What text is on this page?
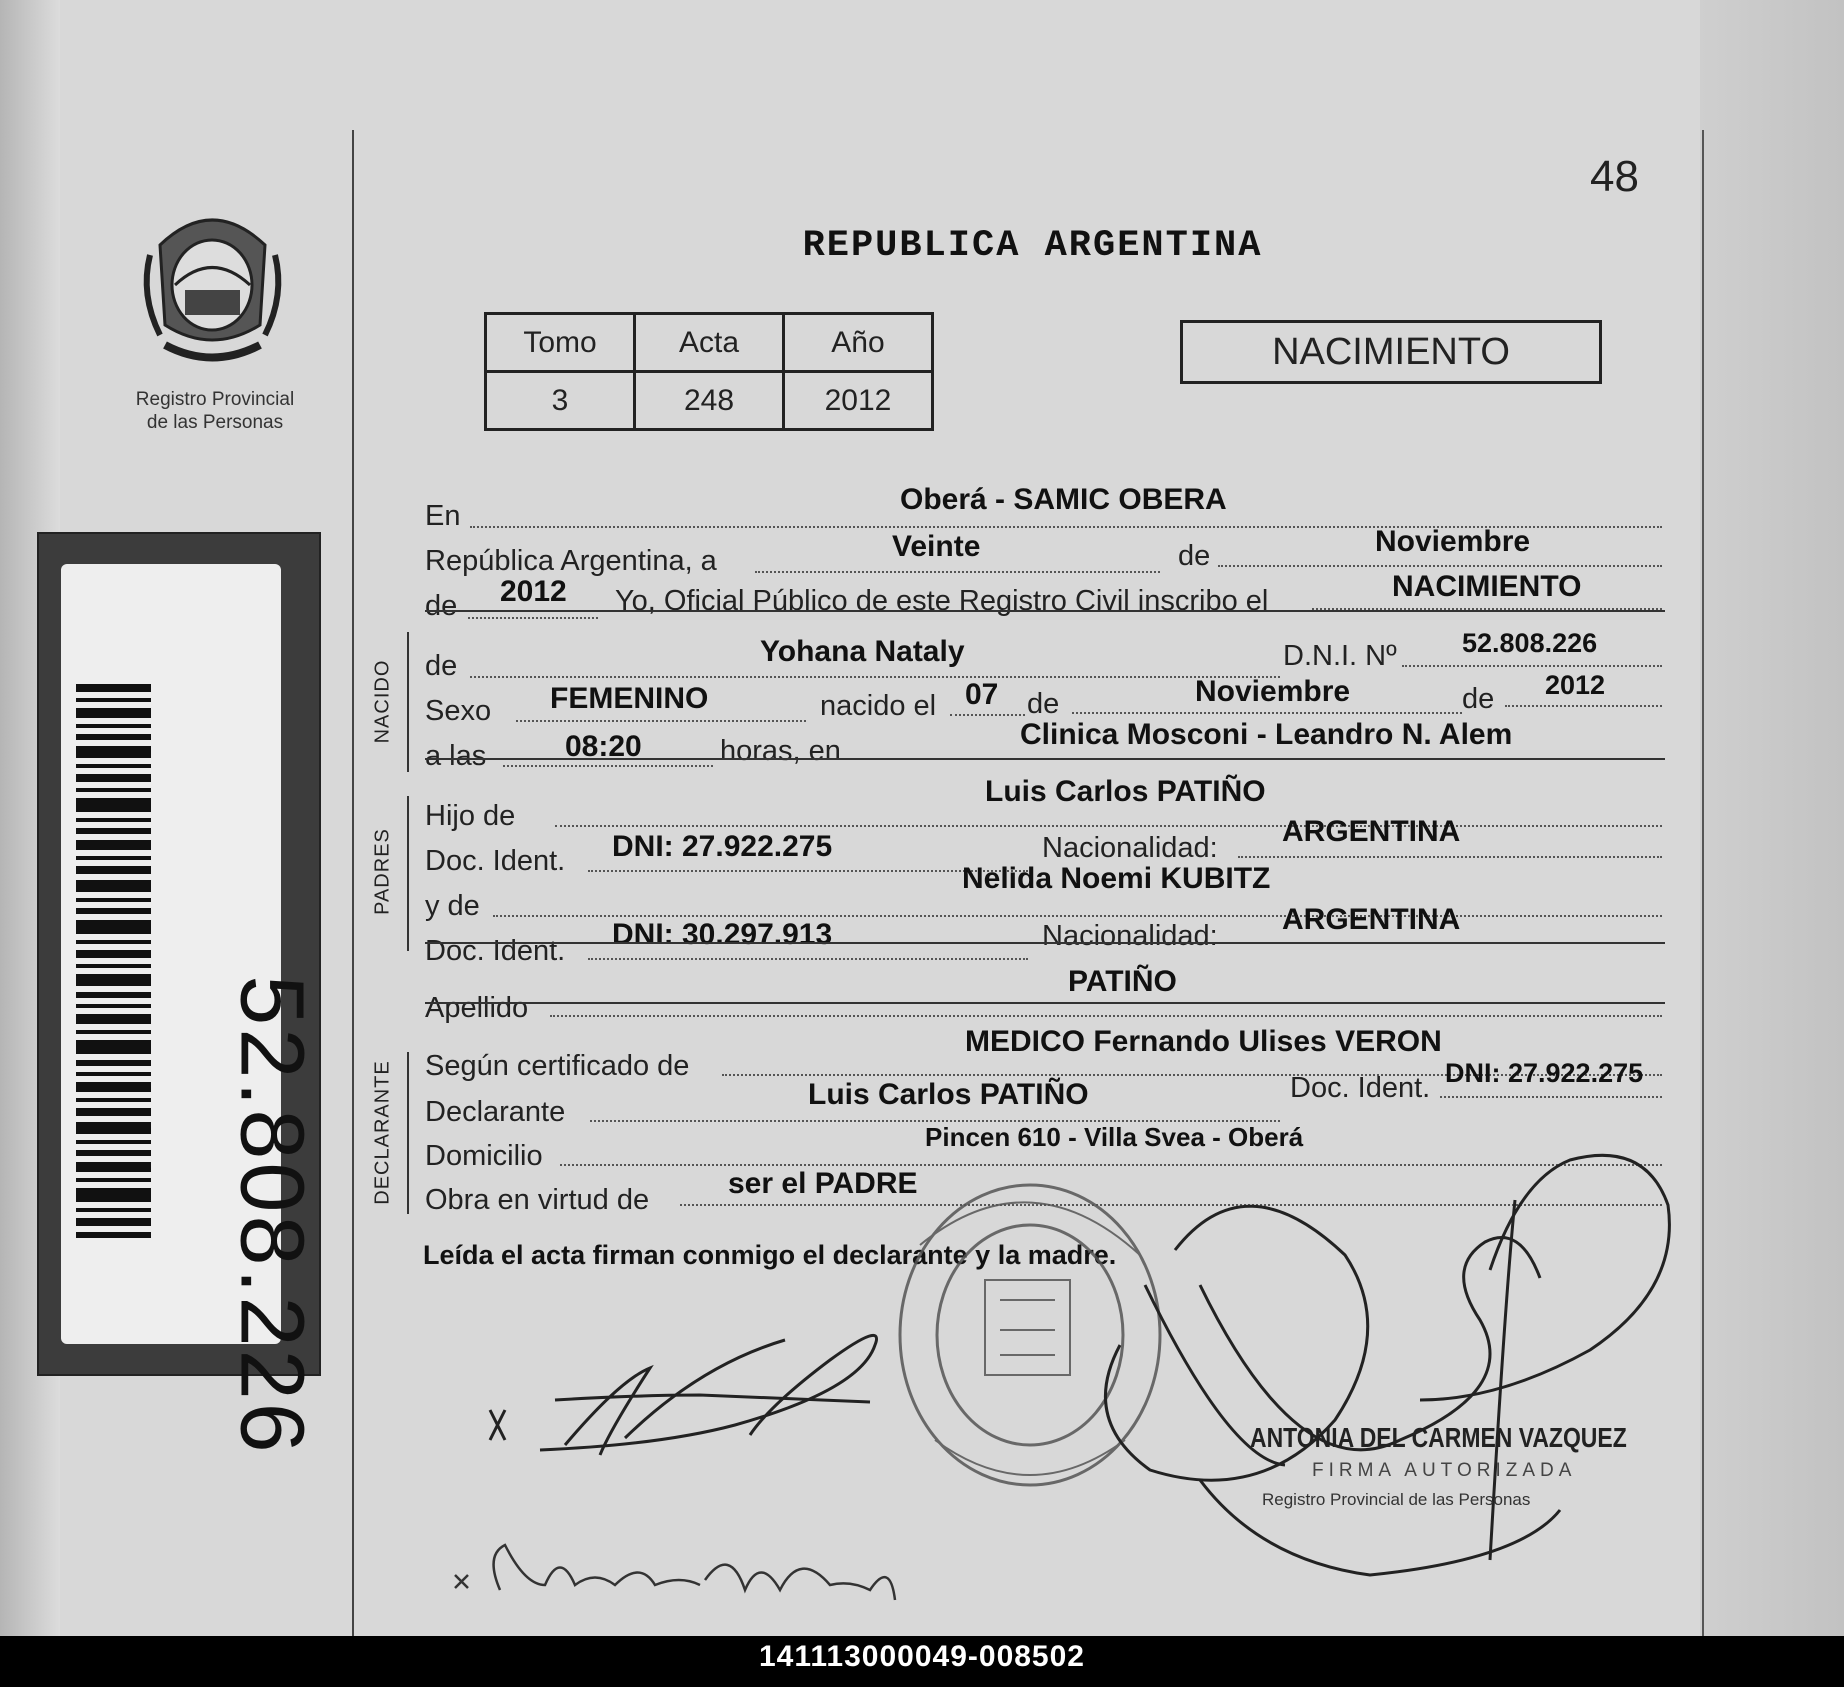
Registro Provincial
de las Personas
52.808.226
48
REPUBLICA ARGENTINA
Tomo	Acta	Año
3	248	2012
NACIMIENTO
En	Oberá - SAMIC OBERA
República Argentina, a	Veinte	de	Noviembre
de 2012 Yo, Oficial Público de este Registro Civil inscribo el	NACIMIENTO
NACIDO de	Yohana Nataly	D.N.I. Nº 52.808.226
Sexo FEMENINO	nacido el 07 de	Noviembre	de 2012
a las	08:20	horas, en	Clinica Mosconi - Leandro N. Alem
PADRES
Hijo de
Luis Carlos PATIÑO
Doc. Ident. DNI: 27.922.275	Nacionalidad: ARGENTINA
y de
Nelida Noemi KUBITZ
Doc. Ident. DNI: 30.297.913	Nacionalidad: ARGENTINA
Apellido
PATIÑO
DECLARANTE Según certificado de
MEDICO Fernando Ulises VERON
Declarante
Luis Carlos PATIÑO	Doc. Ident. DNI: 27.922.275
Domicilio
Pincen 610 - Villa Svea - Oberá
Obra en virtud de	ser el PADRE
Leída el acta firman conmigo el declarante y la madre.
ANTONIA DEL CARMEN VAZQUEZ
FIRMA AUTORIZADA
Registro Provincial de las Personas
141113000049-008502
